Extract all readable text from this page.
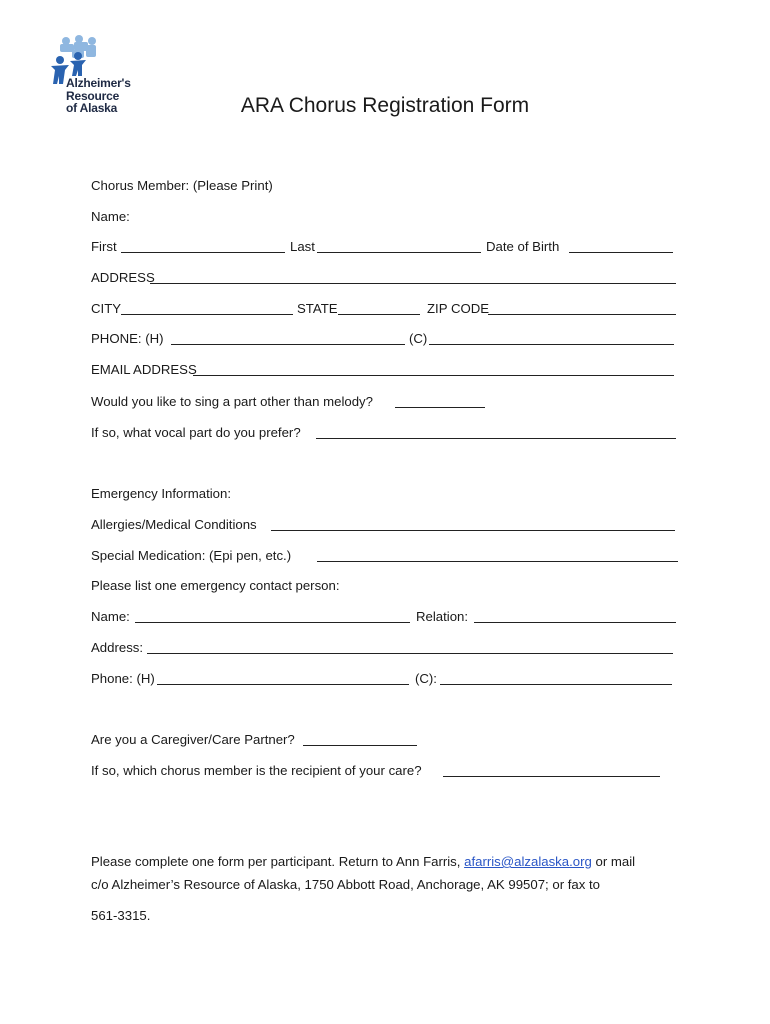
Alzheimer's
Resource
of Alaska	ARA Chorus Registration Form
Chorus Member: (Please Print)
Name:
First	Last	Date of Birth
ADDRESS
CITY	STATE	ZIP CODE
PHONE: (H)	(C)
EMAIL ADDRESS
Would you like to sing a part other than melody?
If so, what vocal part do you prefer?
Emergency Information:
Allergies/Medical Conditions
Special Medication: (Epi pen, etc.)
Please list one emergency contact person:
Name:	Relation:
Address:
Phone: (H)	(C):
Are you a Caregiver/Care Partner?
If so, which chorus member is the recipient of your care?
Please complete one form per participant. Return to Ann Farris, afarris@alzalaska.org or mail
c/o Alzheimer’s Resource of Alaska, 1750 Abbott Road, Anchorage, AK 99507; or fax to
561-3315.
